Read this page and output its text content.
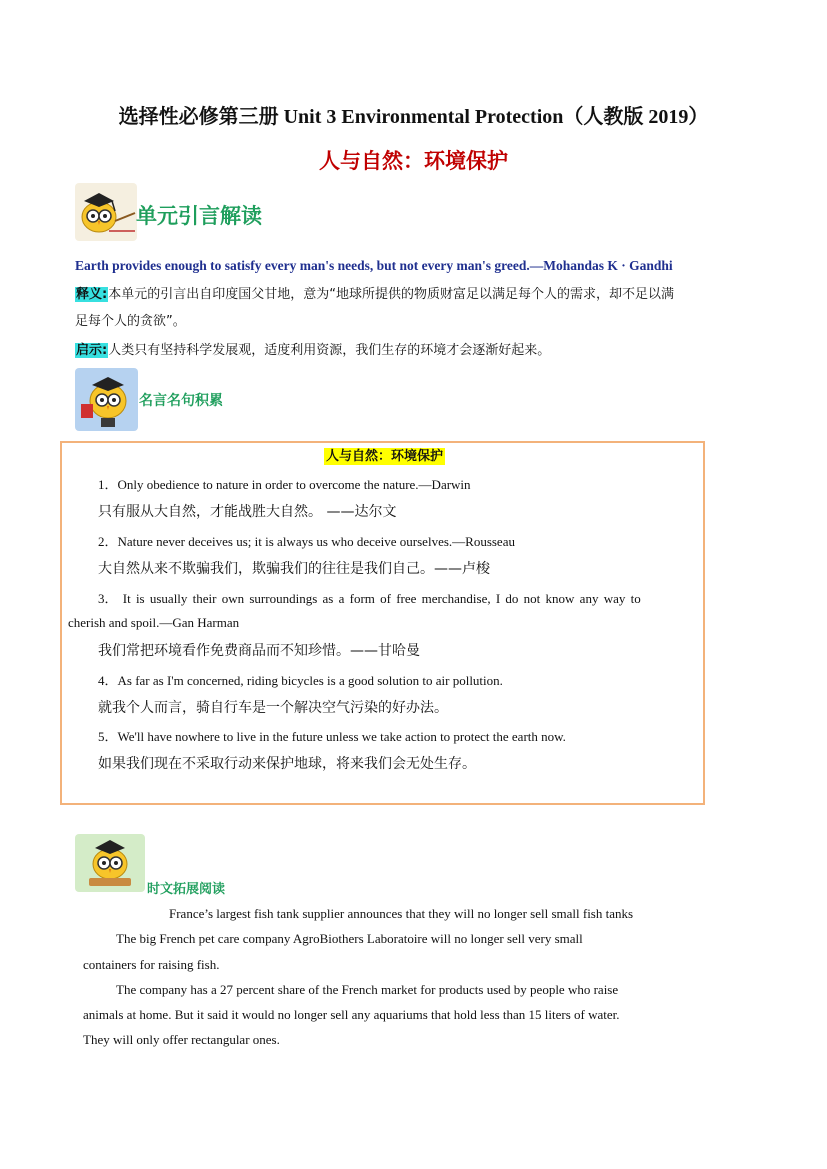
选择性必修第三册 Unit 3 Environmental Protection（人教版 2019）
人与自然：环境保护
单元引言解读
Earth provides enough to satisfy every man's needs, but not every man's greed.—Mohandas K · Gandhi
释义:本单元的引言出自印度国父甘地，意为“地球所提供的物质财富足以满足每个人的需求，却不足以满
足每个人的贪欲”。
启示:人类只有坚持科学发展观，适度利用资源，我们生存的环境才会逐渐好起来。
名言名句积累
人与自然：环境保护
1．Only obedience to nature in order to overcome the nature.—Darwin
只有服从大自然，才能战胜大自然。 ——达尔文
2．Nature never deceives us; it is always us who deceive ourselves.—Rousseau
大自然从来不欺骗我们，欺骗我们的往往是我们自己。——卢梭
3． It is usually their own surroundings as a form of free merchandise, I do not know any way to
cherish and spoil.—Gan Harman
我们常把环境看作免费商品而不知珍惜。——甘哈曼
4．As far as I'm concerned, riding bicycles is a good solution to air pollution.
就我个人而言，骑自行车是一个解决空气污染的好办法。
5．We'll have nowhere to live in the future unless we take action to protect the earth now.
如果我们现在不采取行动来保护地球，将来我们会无处生存。
时文拓展阅读
France’s largest fish tank supplier announces that they will no longer sell small fish tanks
The big French pet care company AgroBiothers Laboratoire will no longer sell very small
containers for raising fish.
The company has a 27 percent share of the French market for products used by people who raise
animals at home. But it said it would no longer sell any aquariums that hold less than 15 liters of water.
They will only offer rectangular ones.
